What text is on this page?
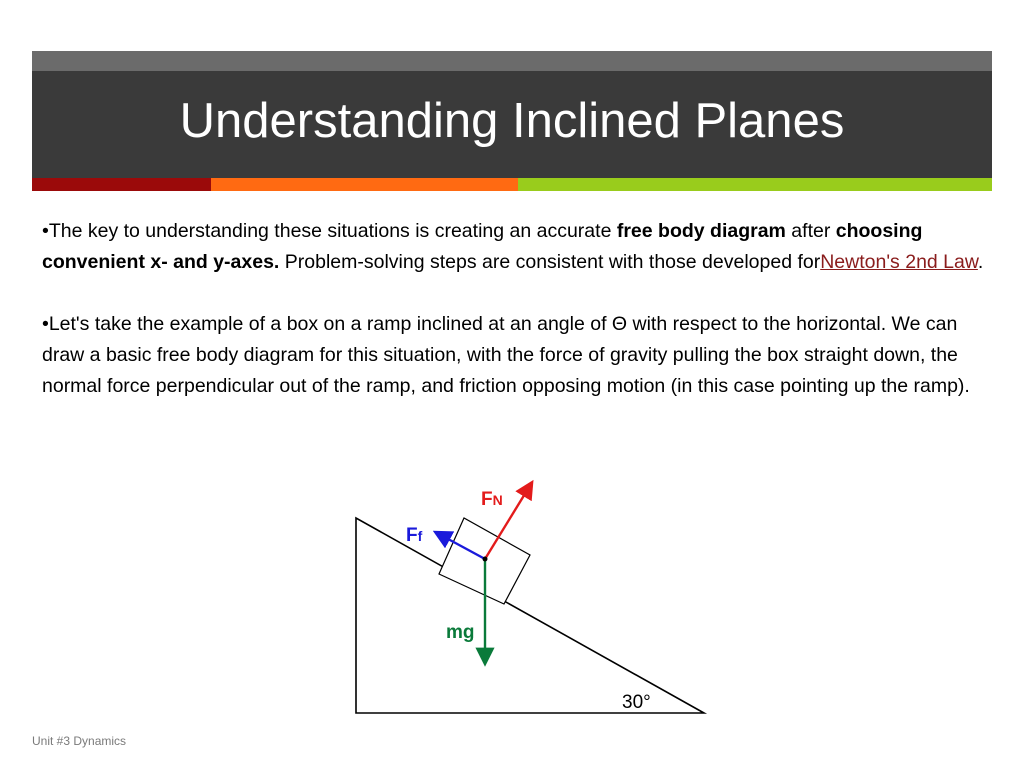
Understanding Inclined Planes

•The key to understanding these situations is creating an accurate free body diagram after choosing convenient x- and y-axes. Problem-solving steps are consistent with those developed forNewton's 2nd Law.

•Let's take the example of a box on a ramp inclined at an angle of Θ with respect to the horizontal. We can draw a basic free body diagram for this situation, with the force of gravity pulling the box straight down, the normal force perpendicular out of the ramp, and friction opposing motion (in this case pointing up the ramp).

FN
Ff
mg
30°
Unit #3 Dynamics
